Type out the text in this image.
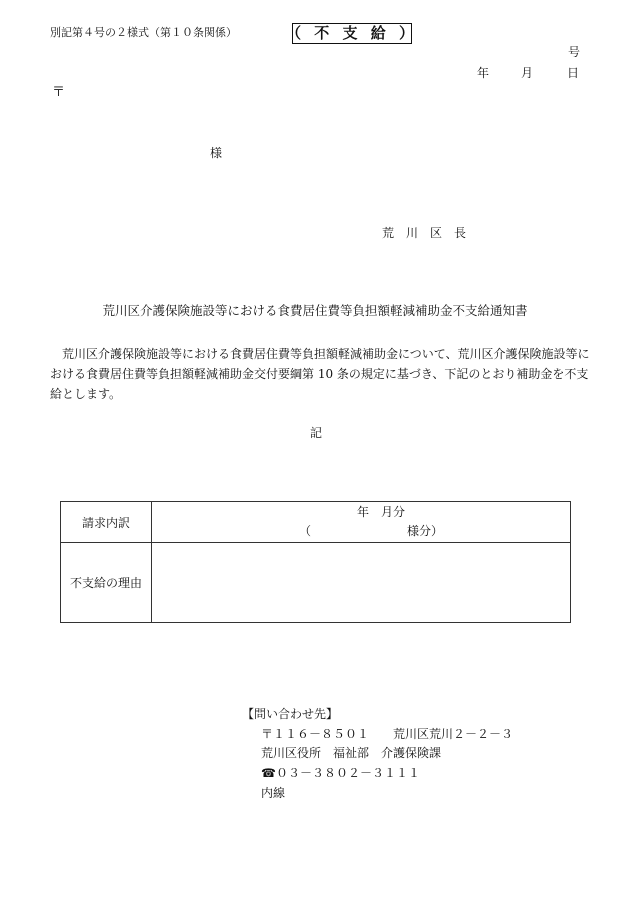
別記第４号の２様式（第１０条関係）	（ 不 支 給 ）
号
年	月	日
〒
様
荒　川　区　長
荒川区介護保険施設等における食費居住費等負担額軽減補助金不支給通知書
荒川区介護保険施設等における食費居住費等負担額軽減補助金について、荒川区介護保険施設等における食費居住費等負担額軽減補助金交付要綱第 10 条の規定に基づき、下記のとおり補助金を不支給とします。
記
請求内訳	年　月分
（　　　　　　　　様分）

不支給の理由	
【問い合わせ先】
〒１１６－８５０１　　荒川区荒川２－２－３
荒川区役所　福祉部　介護保険課
☎０３－３８０２－３１１１
内線
